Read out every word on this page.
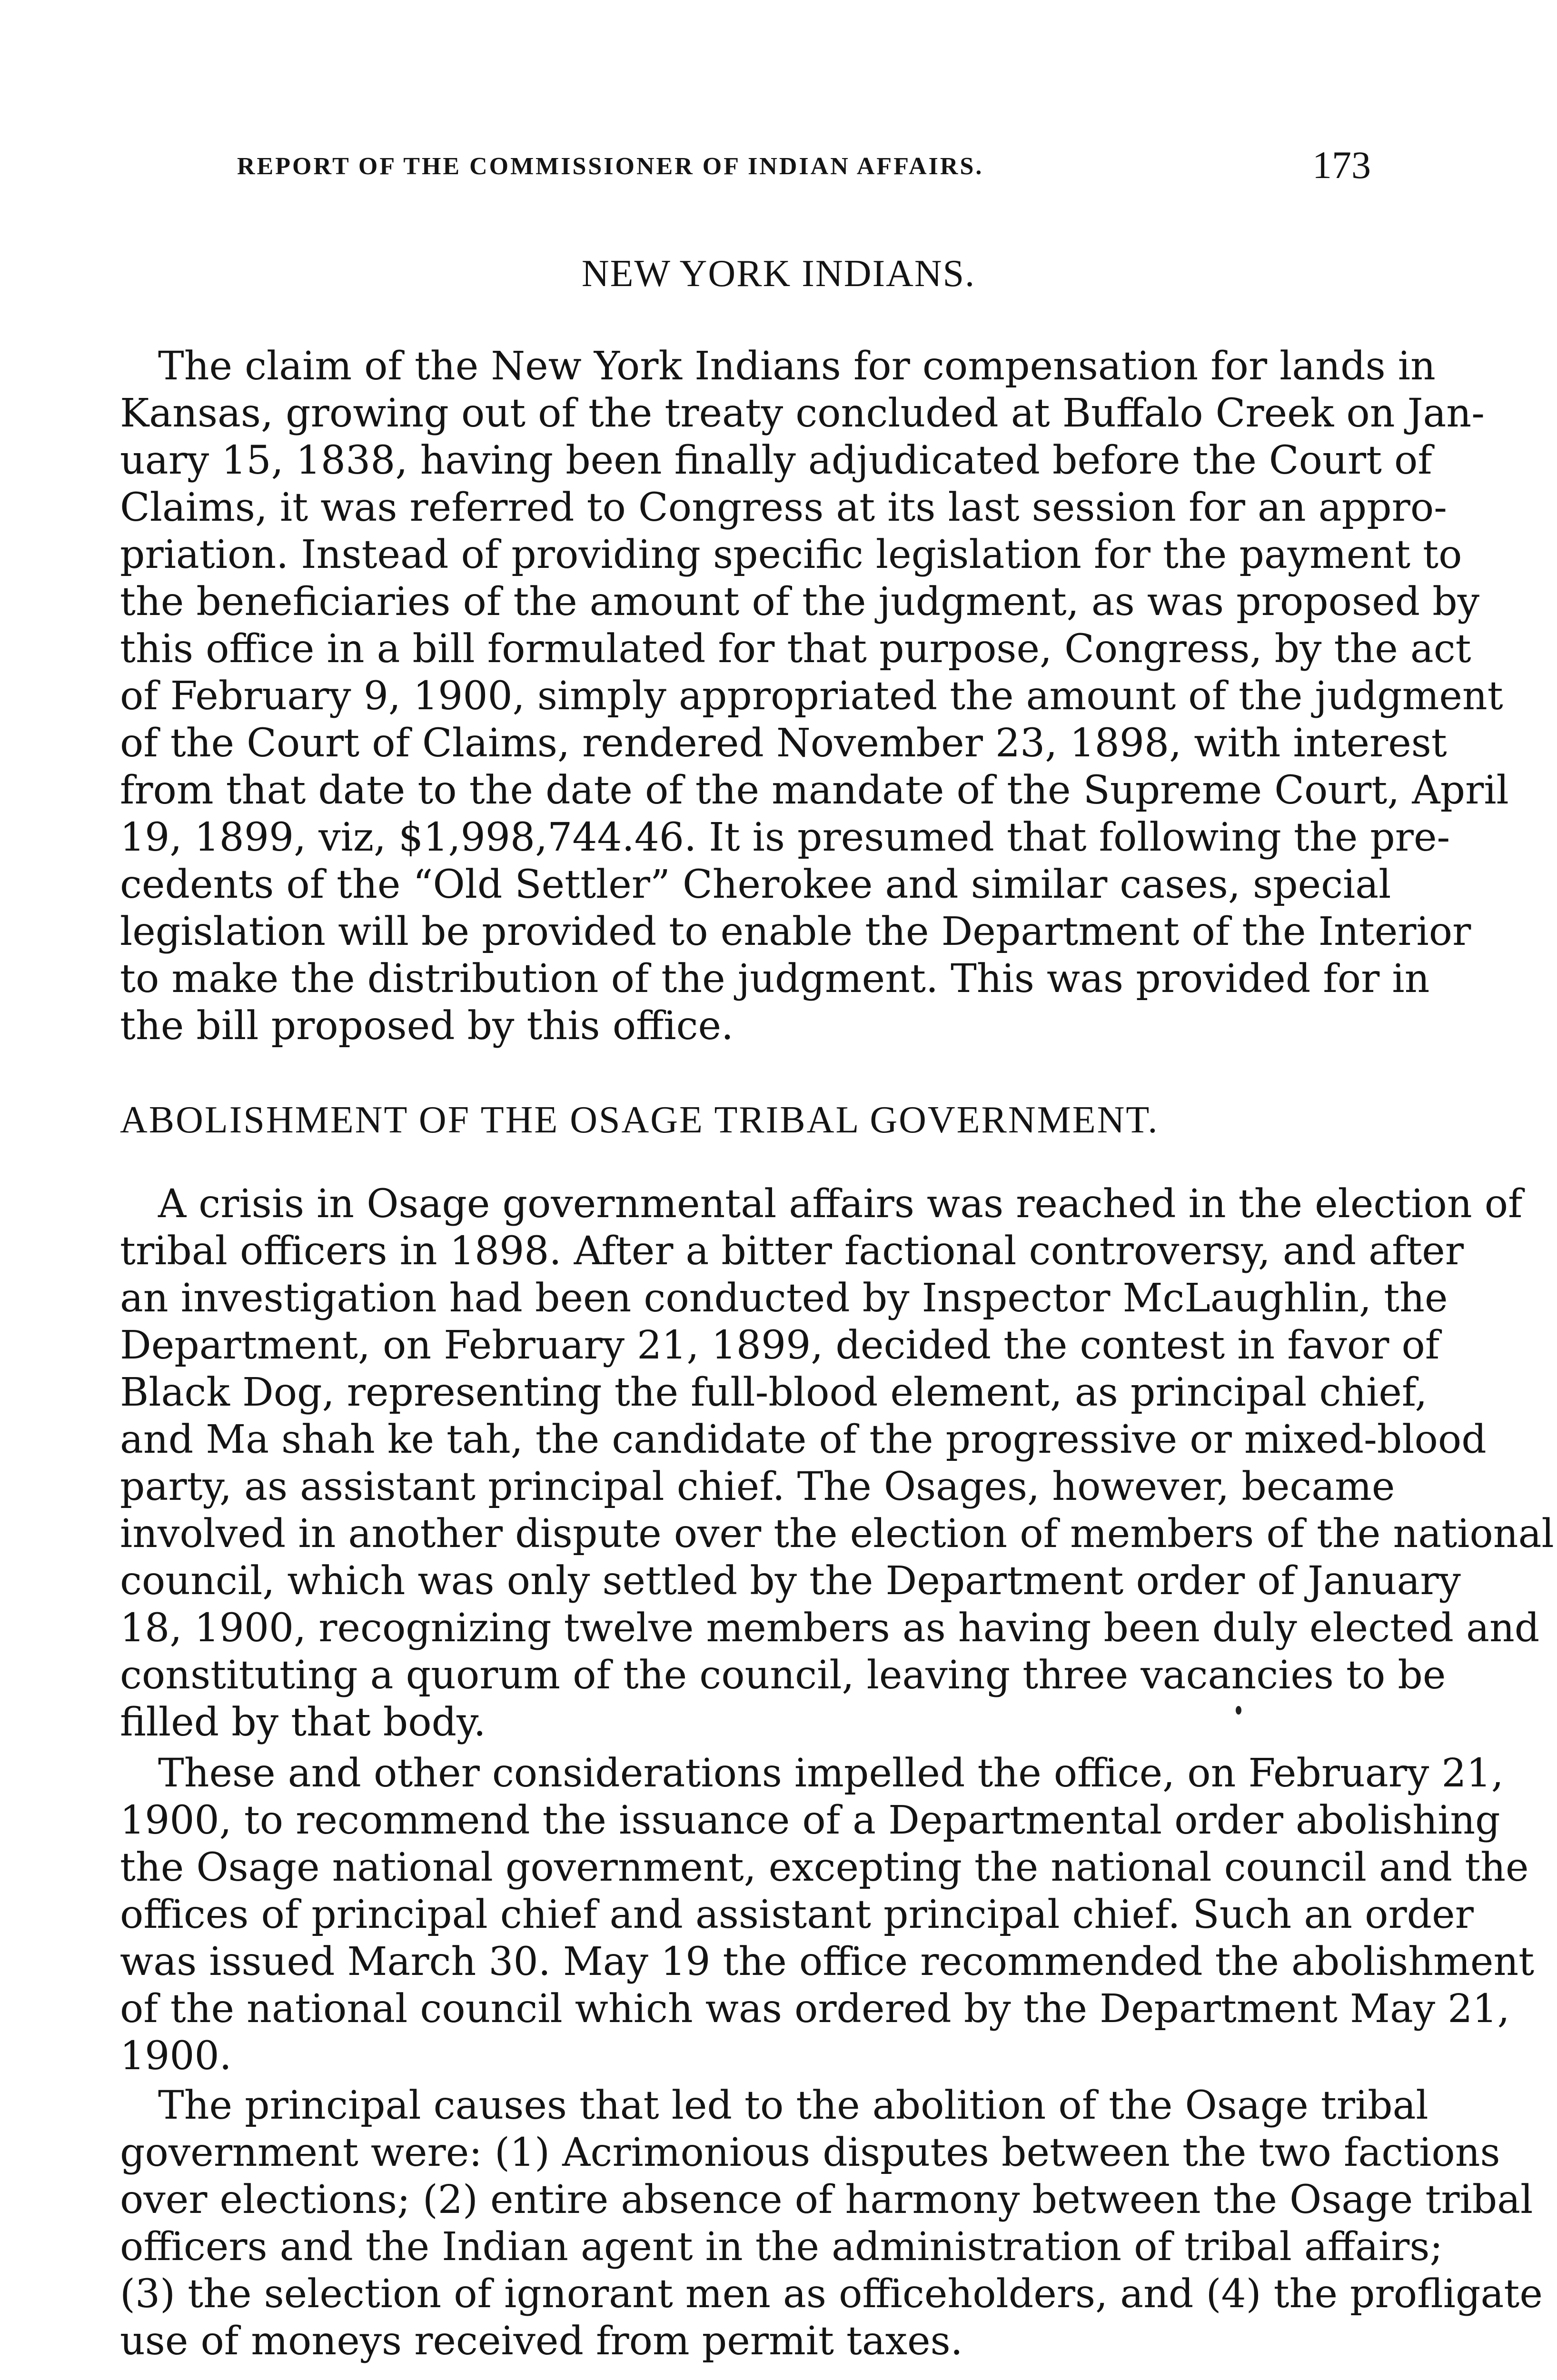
REPORT OF THE COMMISSIONER OF INDIAN AFFAIRS.	173
NEW YORK INDIANS.
The claim of the New York Indians for compensation for lands in
Kansas, growing out of the treaty concluded at Buffalo Creek on Jan-
uary 15, 1838, having been finally adjudicated before the Court of
Claims, it was referred to Congress at its last session for an appro-
priation. Instead of providing specific legislation for the payment to
the beneficiaries of the amount of the judgment, as was proposed by
this office in a bill formulated for that purpose, Congress, by the act
of February 9, 1900, simply appropriated the amount of the judgment
of the Court of Claims, rendered November 23, 1898, with interest
from that date to the date of the mandate of the Supreme Court, April
19, 1899, viz, $1,998,744.46. It is presumed that following the pre-
cedents of the “Old Settler” Cherokee and similar cases, special
legislation will be provided to enable the Department of the Interior
to make the distribution of the judgment. This was provided for in
the bill proposed by this office.
ABOLISHMENT OF THE OSAGE TRIBAL GOVERNMENT.
A crisis in Osage governmental affairs was reached in the election of
tribal officers in 1898. After a bitter factional controversy, and after
an investigation had been conducted by Inspector McLaughlin, the
Department, on February 21, 1899, decided the contest in favor of
Black Dog, representing the full-blood element, as principal chief,
and Ma shah ke tah, the candidate of the progressive or mixed-blood
party, as assistant principal chief. The Osages, however, became
involved in another dispute over the election of members of the national
council, which was only settled by the Department order of January
18, 1900, recognizing twelve members as having been duly elected and
constituting a quorum of the council, leaving three vacancies to be
filled by that body.
These and other considerations impelled the office, on February 21,
1900, to recommend the issuance of a Departmental order abolishing
the Osage national government, excepting the national council and the
offices of principal chief and assistant principal chief. Such an order
was issued March 30. May 19 the office recommended the abolishment
of the national council which was ordered by the Department May 21,
1900.
The principal causes that led to the abolition of the Osage tribal
government were: (1) Acrimonious disputes between the two factions
over elections; (2) entire absence of harmony between the Osage tribal
officers and the Indian agent in the administration of tribal affairs;
(3) the selection of ignorant men as officeholders, and (4) the profligate
use of moneys received from permit taxes.
